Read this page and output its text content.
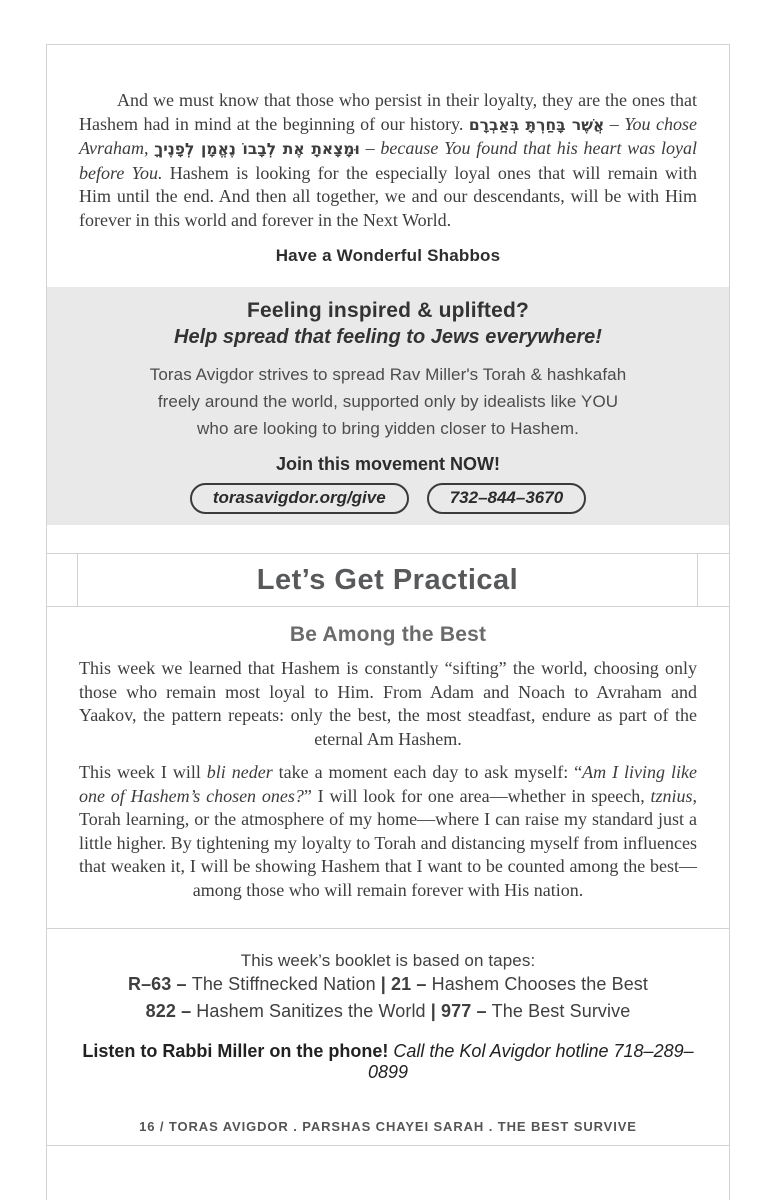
And we must know that those who persist in their loyalty, they are the ones that Hashem had in mind at the beginning of our history. אֲשֶׁר בָּחַרְתָּ בְּאַבְרָם – You chose Avraham, וּמָצָאתָ אֶת לְבָבוֹ נֶאֱמָן לְפָנֶיךָ – because You found that his heart was loyal before You. Hashem is looking for the especially loyal ones that will remain with Him until the end. And then all together, we and our descendants, will be with Him forever in this world and forever in the Next World.

Have a Wonderful Shabbos

Feeling inspired & uplifted?
Help spread that feeling to Jews everywhere!
Toras Avigdor strives to spread Rav Miller's Torah & hashkafah
freely around the world, supported only by idealists like YOU
who are looking to bring yidden closer to Hashem.
Join this movement NOW!
torasavigdor.org/give	732–844–3670
Let’s Get Practical
Be Among the Best

This week we learned that Hashem is constantly “sifting” the world, choosing only those who remain most loyal to Him. From Adam and Noach to Avraham and Yaakov, the pattern repeats: only the best, the most steadfast, endure as part of the eternal Am Hashem.

This week I will bli neder take a moment each day to ask myself: “Am I living like one of Hashem’s chosen ones?” I will look for one area—whether in speech, tznius, Torah learning, or the atmosphere of my home—where I can raise my standard just a little higher. By tightening my loyalty to Torah and distancing myself from influences that weaken it, I will be showing Hashem that I want to be counted among the best—among those who will remain forever with His nation.

This week’s booklet is based on tapes:
R–63 – The Stiffnecked Nation | 21 – Hashem Chooses the Best
822 – Hashem Sanitizes the World | 977 – The Best Survive
Listen to Rabbi Miller on the phone! Call the Kol Avigdor hotline 718–289–0899
16 / TORAS AVIGDOR . PARSHAS CHAYEI SARAH . THE BEST SURVIVE
